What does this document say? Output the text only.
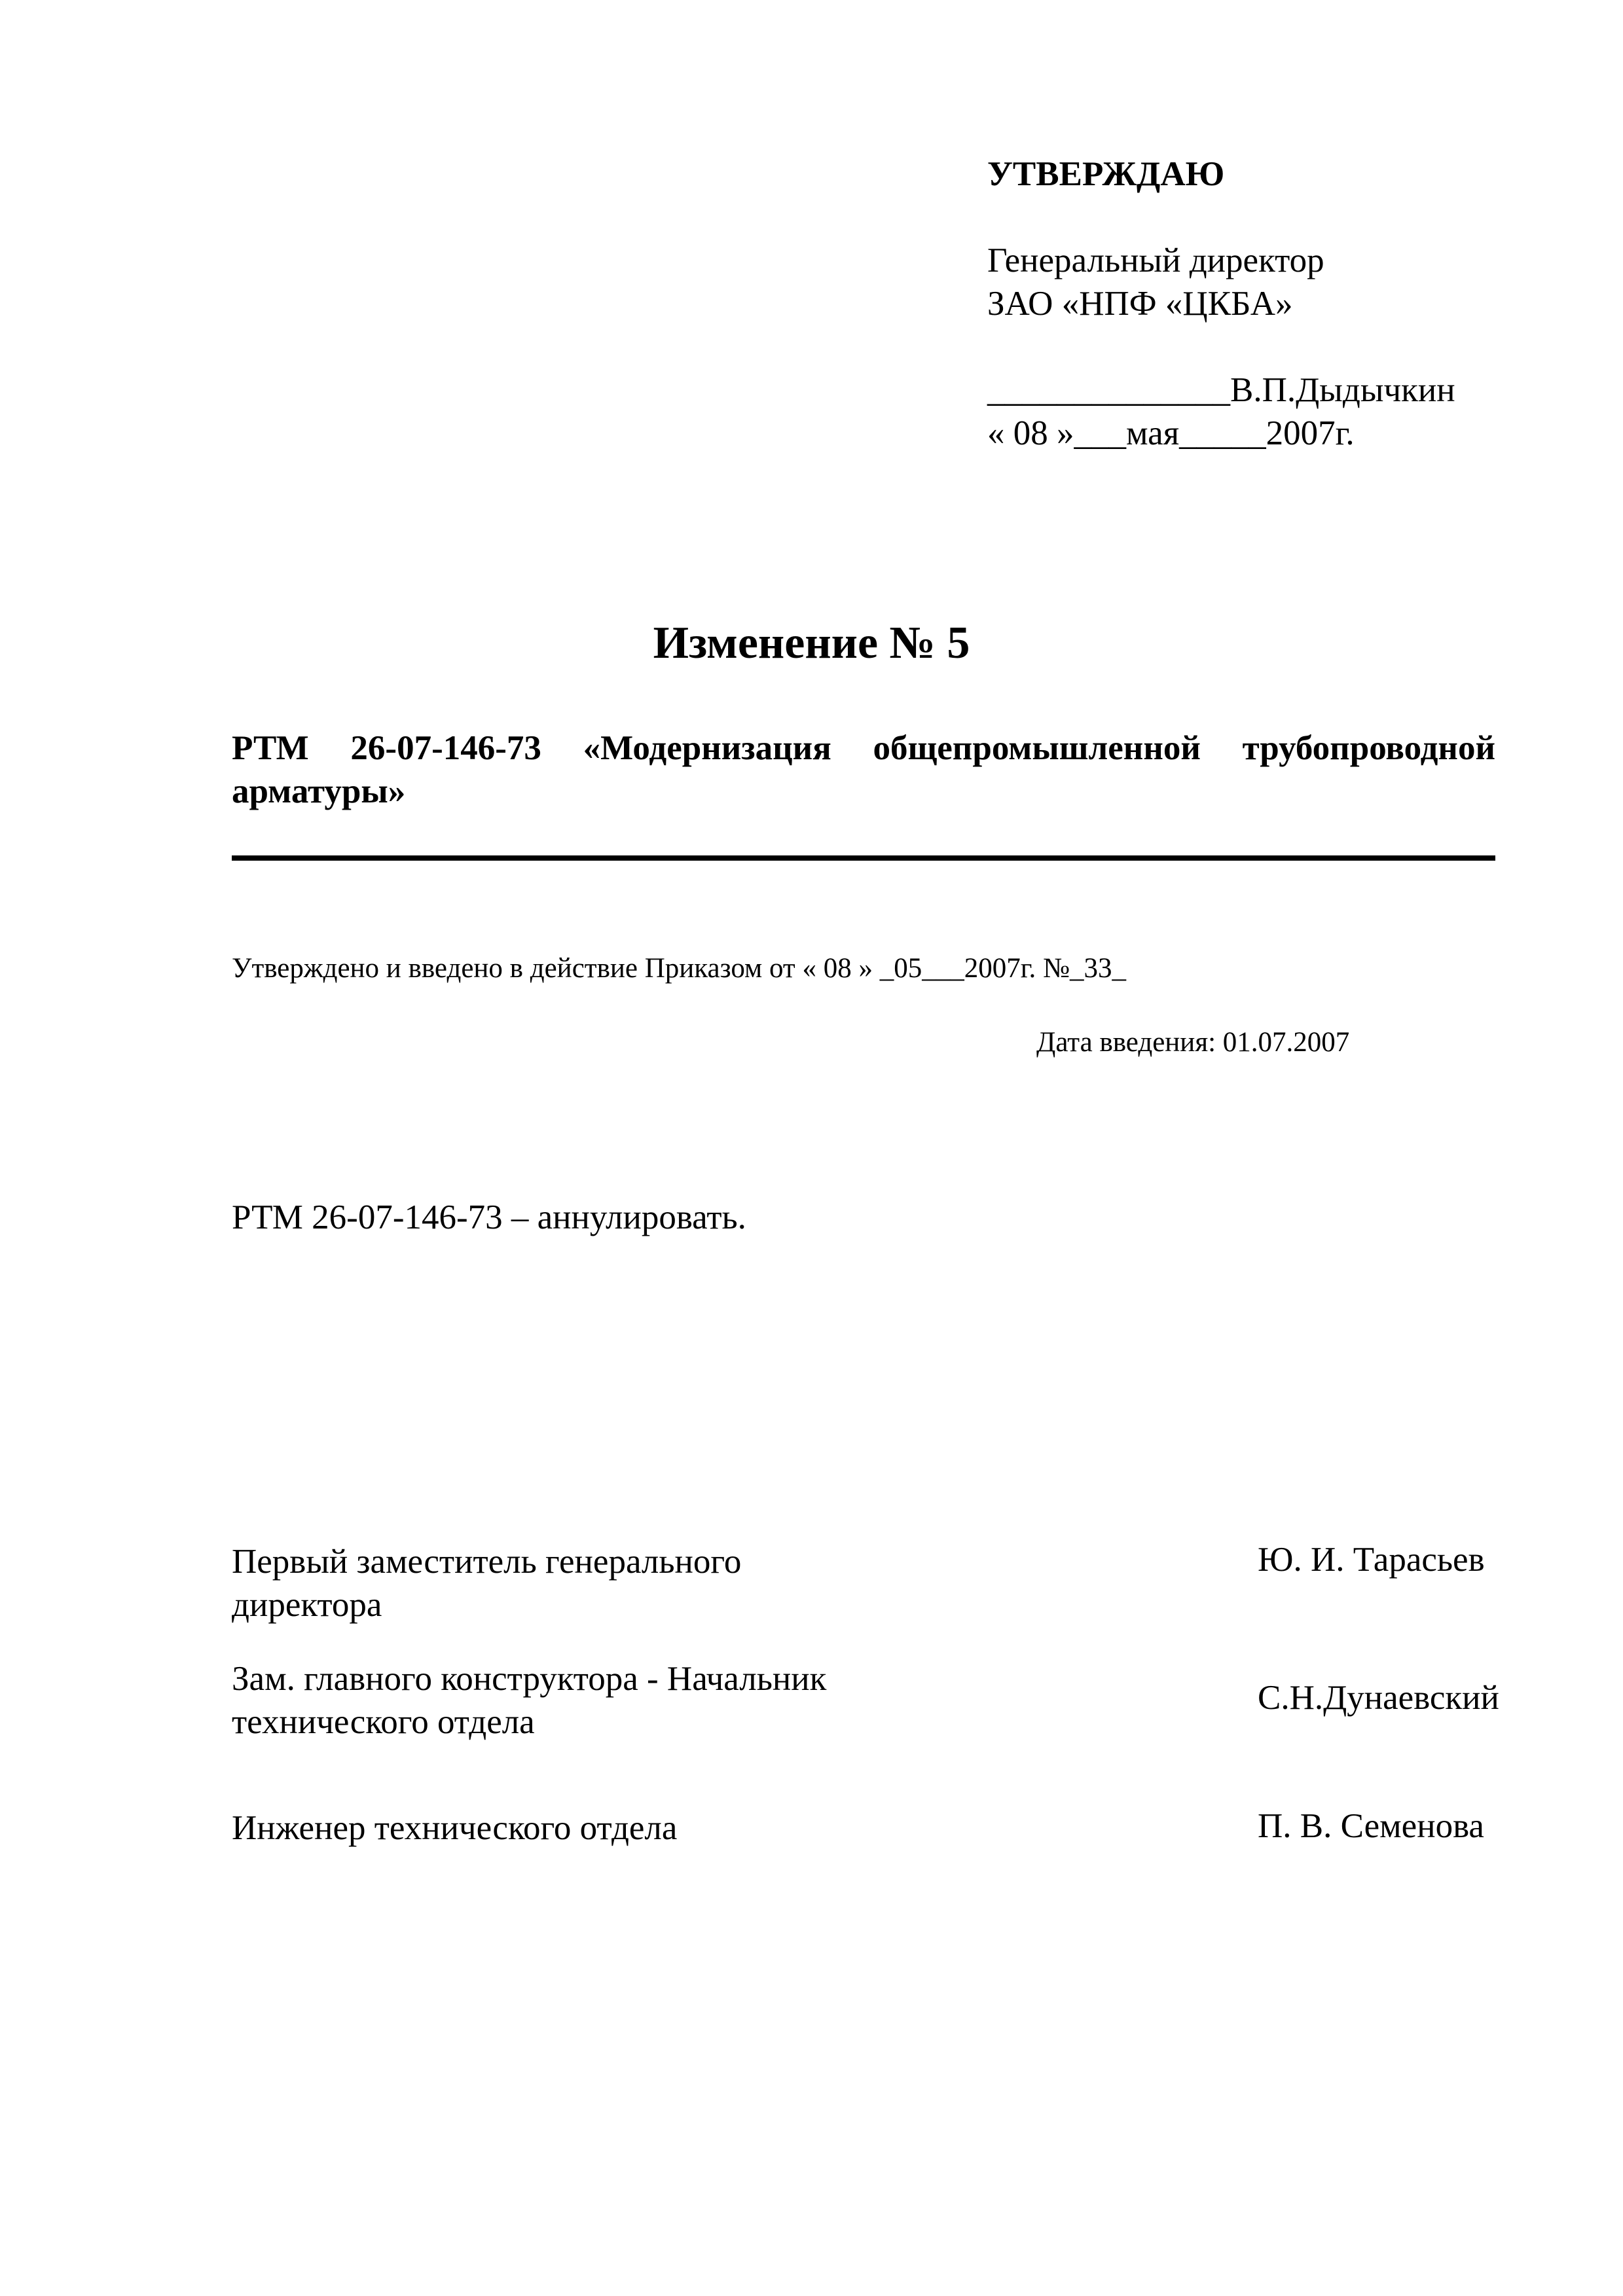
УТВЕРЖДАЮ
Генеральный директор
ЗАО «НПФ «ЦКБА»
______________В.П.Дыдычкин
« 08 »___мая_____2007г.
Изменение № 5
РТМ 26-07-146-73 «Модернизация общепромышленной трубопроводной арматуры»
Утверждено и введено в действие Приказом от « 08 » _05___2007г. №_33_
Дата введения: 01.07.2007
РТМ 26-07-146-73 – аннулировать.
Первый заместитель генерального директора
Ю. И. Тарасьев
Зам. главного конструктора - Начальник технического отдела
С.Н.Дунаевский
Инженер технического отдела	П. В. Семенова
